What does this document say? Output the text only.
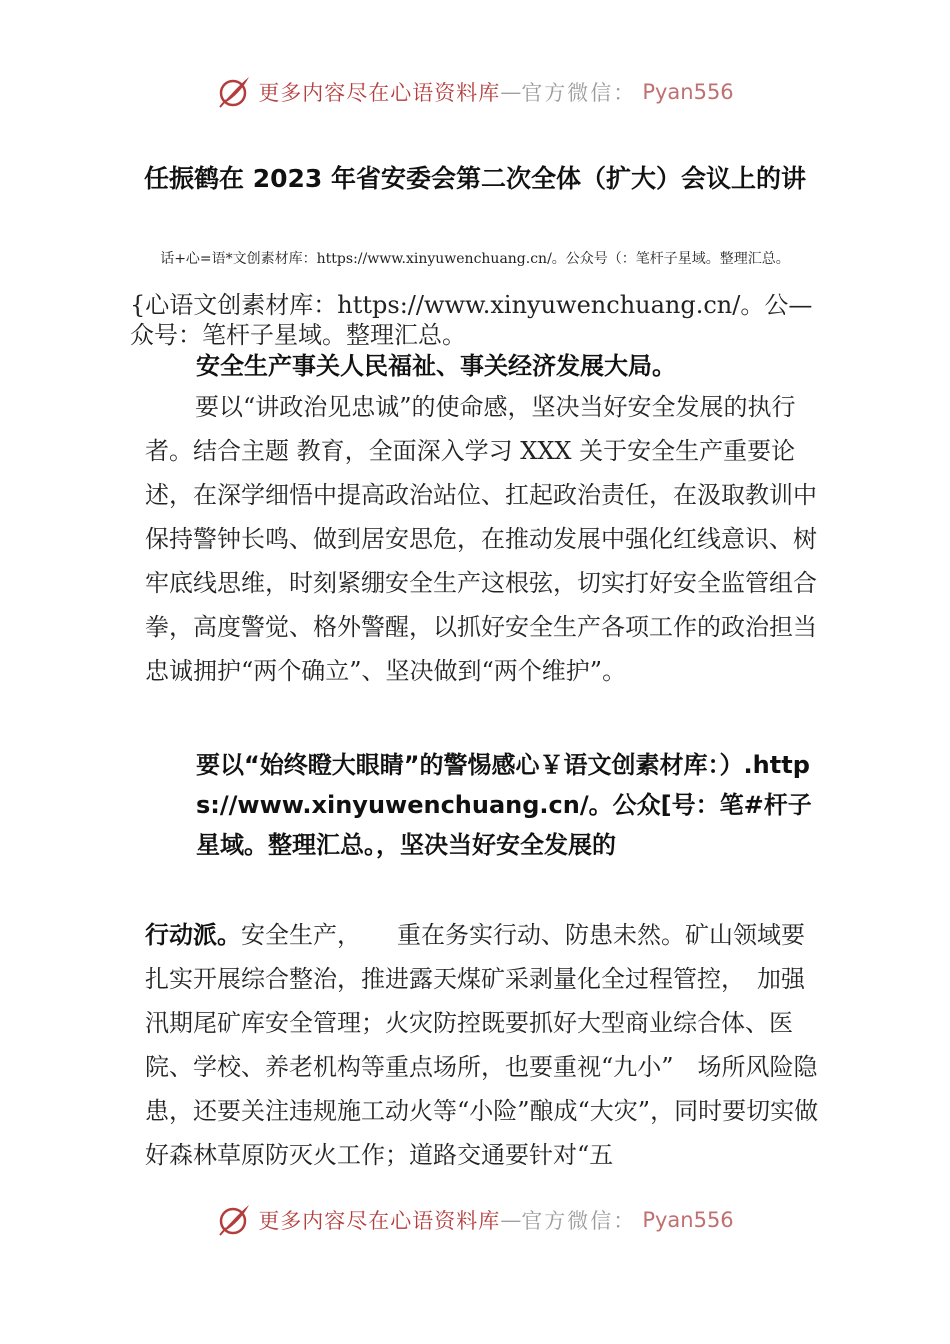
更多内容尽在心语资料库 — 官方微信： Pyan556
任振鹤在 2023 年省安委会第二次全体（扩大）会议上的讲
话+心=语*文创素材库：https://www.xinyuwenchuang.cn/。公众号（：笔杆子星域。整理汇总。
{心语文创素材库：https://www.xinyuwenchuang.cn/。公—众号：笔杆子星域。整理汇总。
安全生产事关人民福祉、事关经济发展大局。
要以“讲政治见忠诚”的使命感，坚决当好安全发展的执行者。结合主题 教育，全面深入学习 XXX 关于安全生产重要论述，在深学细悟中提高政治站位、扛起政治责任，在汲取教训中保持警钟长鸣、做到居安思危，在推动发展中强化红线意识、树牢底线思维，时刻紧绷安全生产这根弦，切实打好安全监管组合拳，高度警觉、格外警醒，以抓好安全生产各项工作的政治担当忠诚拥护“两个确立”、坚决做到“两个维护”。
要以“始终瞪大眼睛”的警惕感心￥语文创素材库：）.https://www.xinyuwenchuang.cn/。公众[号：笔#杆子星域。整理汇总。，坚决当好安全发展的
行动派。安全生产，　　重在务实行动、防患未然。矿山领域要扎实开展综合整治，推进露天煤矿采剥量化全过程管控，　加强汛期尾矿库安全管理；火灾防控既要抓好大型商业综合体、医院、学校、养老机构等重点场所，也要重视“九小”　场所风险隐患，还要关注违规施工动火等“小险”酿成“大灾”，同时要切实做好森林草原防灭火工作；道路交通要针对“五
更多内容尽在心语资料库 — 官方微信： Pyan556
